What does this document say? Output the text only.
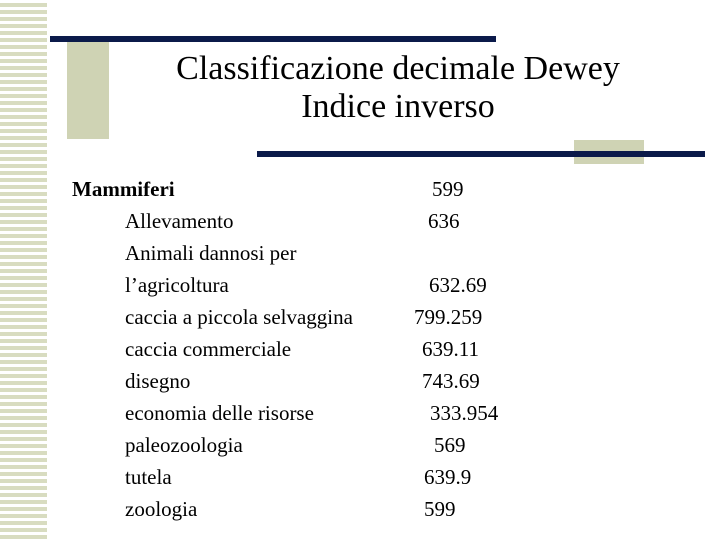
Classificazione decimale Dewey
Indice inverso
Mammiferi	599
Allevamento	636
Animali dannosi per
l’agricoltura	632.69
caccia a piccola selvaggina	799.259
caccia commerciale	639.11
disegno	743.69
economia delle risorse	333.954
paleozoologia	569
tutela	639.9
zoologia	599
